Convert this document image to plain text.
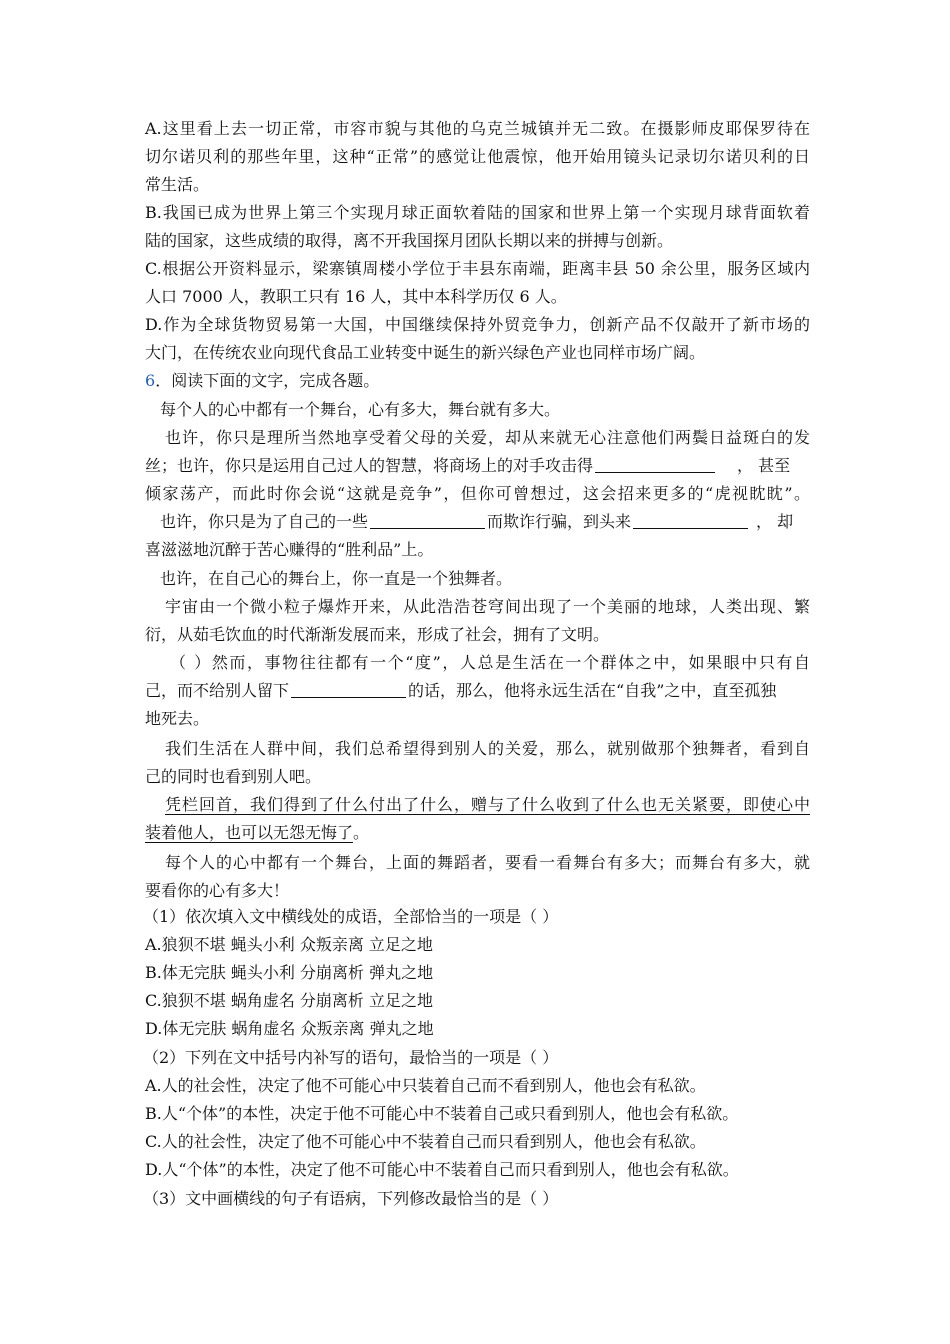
A.这里看上去一切正常，市容市貌与其他的乌克兰城镇并无二致。在摄影师皮耶保罗待在
切尔诺贝利的那些年里，这种“正常”的感觉让他震惊，他开始用镜头记录切尔诺贝利的日
常生活。
B.我国已成为世界上第三个实现月球正面软着陆的国家和世界上第一个实现月球背面软着
陆的国家，这些成绩的取得，离不开我国探月团队长期以来的拼搏与创新。
C.根据公开资料显示，梁寨镇周楼小学位于丰县东南端，距离丰县 50 余公里，服务区域内
人口 7000 人，教职工只有 16 人，其中本科学历仅 6 人。
D.作为全球货物贸易第一大国，中国继续保持外贸竞争力，创新产品不仅敲开了新市场的
大门，在传统农业向现代食品工业转变中诞生的新兴绿色产业也同样市场广阔。
6．阅读下面的文字，完成各题。
每个人的心中都有一个舞台，心有多大，舞台就有多大。
也许，你只是理所当然地享受着父母的关爱，却从来就无心注意他们两鬓日益斑白的发
丝；也许，你只是运用自己过人的智慧，将商场上的对手攻击得	， 甚至
倾家荡产，而此时你会说“这就是竞争”，但你可曾想过，这会招来更多的“虎视眈眈”。
也许，你只是为了自己的一些	而欺诈行骗，到头来	， 却
喜滋滋地沉醉于苦心赚得的“胜利品”上。
也许，在自己心的舞台上，你一直是一个独舞者。
宇宙由一个微小粒子爆炸开来，从此浩浩苍穹间出现了一个美丽的地球，人类出现、繁
衍，从茹毛饮血的时代渐渐发展而来，形成了社会，拥有了文明。
（ ）然而，事物往往都有一个“度”，人总是生活在一个群体之中，如果眼中只有自
己，而不给别人留下	的话，那么，他将永远生活在“自我”之中，直至孤独
地死去。
我们生活在人群中间，我们总希望得到别人的关爱，那么，就别做那个独舞者，看到自
己的同时也看到别人吧。
凭栏回首，我们得到了什么付出了什么，赠与了什么收到了什么也无关紧要，即使心中
装着他人，也可以无怨无悔了。
每个人的心中都有一个舞台，上面的舞蹈者，要看一看舞台有多大；而舞台有多大，就
要看你的心有多大！
（1）依次填入文中横线处的成语，全部恰当的一项是（ ）
A.狼狈不堪 蝇头小利 众叛亲离 立足之地
B.体无完肤 蝇头小利 分崩离析 弹丸之地
C.狼狈不堪 蜗角虚名 分崩离析 立足之地
D.体无完肤 蜗角虚名 众叛亲离 弹丸之地
（2）下列在文中括号内补写的语句，最恰当的一项是（ ）
A.人的社会性，决定了他不可能心中只装着自己而不看到别人，他也会有私欲。
B.人“个体”的本性，决定于他不可能心中不装着自己或只看到别人，他也会有私欲。
C.人的社会性，决定了他不可能心中不装着自己而只看到别人，他也会有私欲。
D.人“个体”的本性，决定了他不可能心中不装着自己而只看到别人，他也会有私欲。
（3）文中画横线的句子有语病，下列修改最恰当的是（ ）
